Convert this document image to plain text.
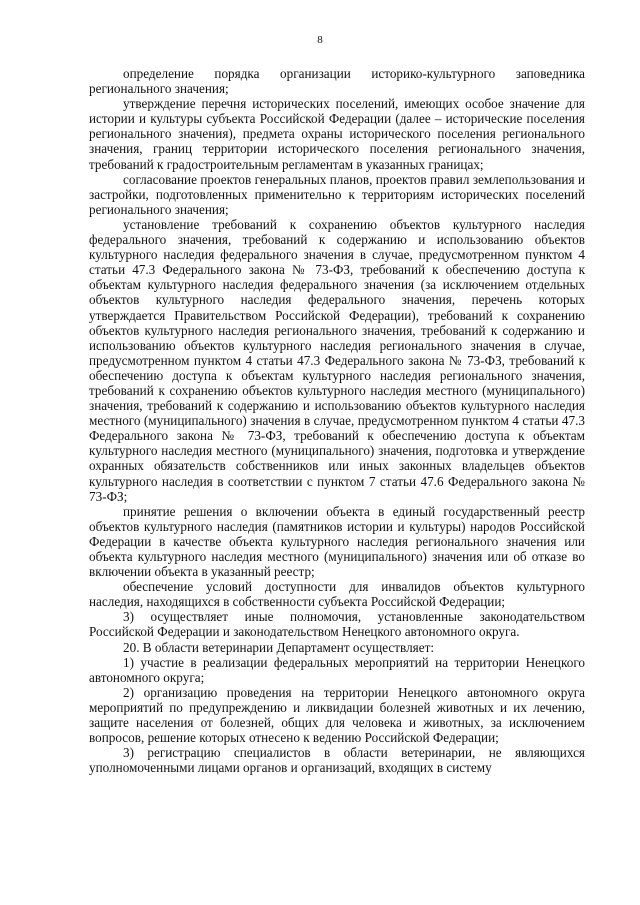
8

определение порядка организации историко-культурного заповедника регионального значения;

утверждение перечня исторических поселений, имеющих особое значение для истории и культуры субъекта Российской Федерации (далее – исторические поселения регионального значения), предмета охраны исторического поселения регионального значения, границ территории исторического поселения регионального значения, требований к градостроительным регламентам в указанных границах;

согласование проектов генеральных планов, проектов правил землепользования и застройки, подготовленных применительно к территориям исторических поселений регионального значения;

установление требований к сохранению объектов культурного наследия федерального значения, требований к содержанию и использованию объектов культурного наследия федерального значения в случае, предусмотренном пунктом 4 статьи 47.3 Федерального закона № 73-ФЗ, требований к обеспечению доступа к объектам культурного наследия федерального значения (за исключением отдельных объектов культурного наследия федерального значения, перечень которых утверждается Правительством Российской Федерации), требований к сохранению объектов культурного наследия регионального значения, требований к содержанию и использованию объектов культурного наследия регионального значения в случае, предусмотренном пунктом 4 статьи 47.3 Федерального закона № 73-ФЗ, требований к обеспечению доступа к объектам культурного наследия регионального значения, требований к сохранению объектов культурного наследия местного (муниципального) значения, требований к содержанию и использованию объектов культурного наследия местного (муниципального) значения в случае, предусмотренном пунктом 4 статьи 47.3 Федерального закона № 73-ФЗ, требований к обеспечению доступа к объектам культурного наследия местного (муниципального) значения, подготовка и утверждение охранных обязательств собственников или иных законных владельцев объектов культурного наследия в соответствии с пунктом 7 статьи 47.6 Федерального закона № 73-ФЗ;

принятие решения о включении объекта в единый государственный реестр объектов культурного наследия (памятников истории и культуры) народов Российской Федерации в качестве объекта культурного наследия регионального значения или объекта культурного наследия местного (муниципального) значения или об отказе во включении объекта в указанный реестр;

обеспечение условий доступности для инвалидов объектов культурного наследия, находящихся в собственности субъекта Российской Федерации;

3) осуществляет иные полномочия, установленные законодательством Российской Федерации и законодательством Ненецкого автономного округа.

20. В области ветеринарии Департамент осуществляет:

1) участие в реализации федеральных мероприятий на территории Ненецкого автономного округа;

2) организацию проведения на территории Ненецкого автономного округа мероприятий по предупреждению и ликвидации болезней животных и их лечению, защите населения от болезней, общих для человека и животных, за исключением вопросов, решение которых отнесено к ведению Российской Федерации;

3) регистрацию специалистов в области ветеринарии, не являющихся уполномоченными лицами органов и организаций, входящих в систему
